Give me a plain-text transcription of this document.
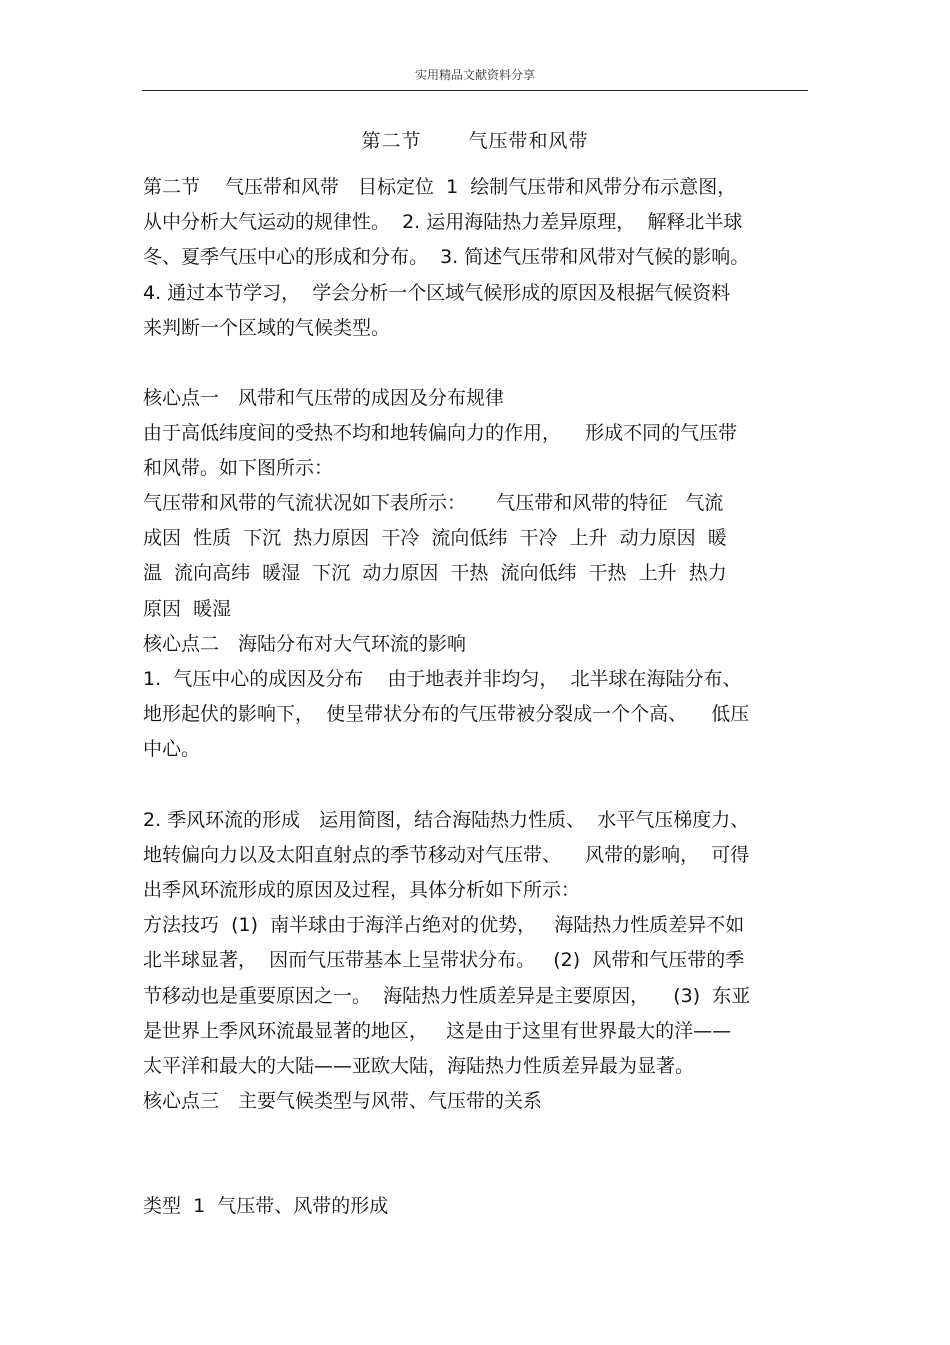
实用精品文献资料分享
第二节　 气压带和风带
第二节　 气压带和风带　目标定位  1  绘制气压带和风带分布示意图，
从中分析大气运动的规律性。  2. 运用海陆热力差异原理，  解释北半球
冬、夏季气压中心的形成和分布。  3. 简述气压带和风带对气候的影响。
4. 通过本节学习，  学会分析一个区域气候形成的原因及根据气候资料
来判断一个区域的气候类型。
核心点一　风带和气压带的成因及分布规律
由于高低纬度间的受热不均和地转偏向力的作用，    形成不同的气压带
和风带。如下图所示：
气压带和风带的气流状况如下表所示：     气压带和风带的特征   气流
成因  性质  下沉  热力原因  干冷  流向低纬  干冷  上升  动力原因  暖
温  流向高纬  暖湿  下沉  动力原因  干热  流向低纬  干热  上升  热力
原因  暖湿
核心点二　海陆分布对大气环流的影响
1.  气压中心的成因及分布    由于地表并非均匀，  北半球在海陆分布、
地形起伏的影响下，  使呈带状分布的气压带被分裂成一个个高、    低压
中心。
2. 季风环流的形成　运用简图，结合海陆热力性质、  水平气压梯度力、
地转偏向力以及太阳直射点的季节移动对气压带、    风带的影响，  可得
出季风环流形成的原因及过程，具体分析如下所示：
方法技巧  (1)  南半球由于海洋占绝对的优势，   海陆热力性质差异不如
北半球显著，  因而气压带基本上呈带状分布。   (2)  风带和气压带的季
节移动也是重要原因之一。  海陆热力性质差异是主要原因，    (3)  东亚
是世界上季风环流最显著的地区，   这是由于这里有世界最大的洋——
太平洋和最大的大陆——亚欧大陆，海陆热力性质差异最为显著。
核心点三　主要气候类型与风带、气压带的关系
类型  1  气压带、风带的形成
